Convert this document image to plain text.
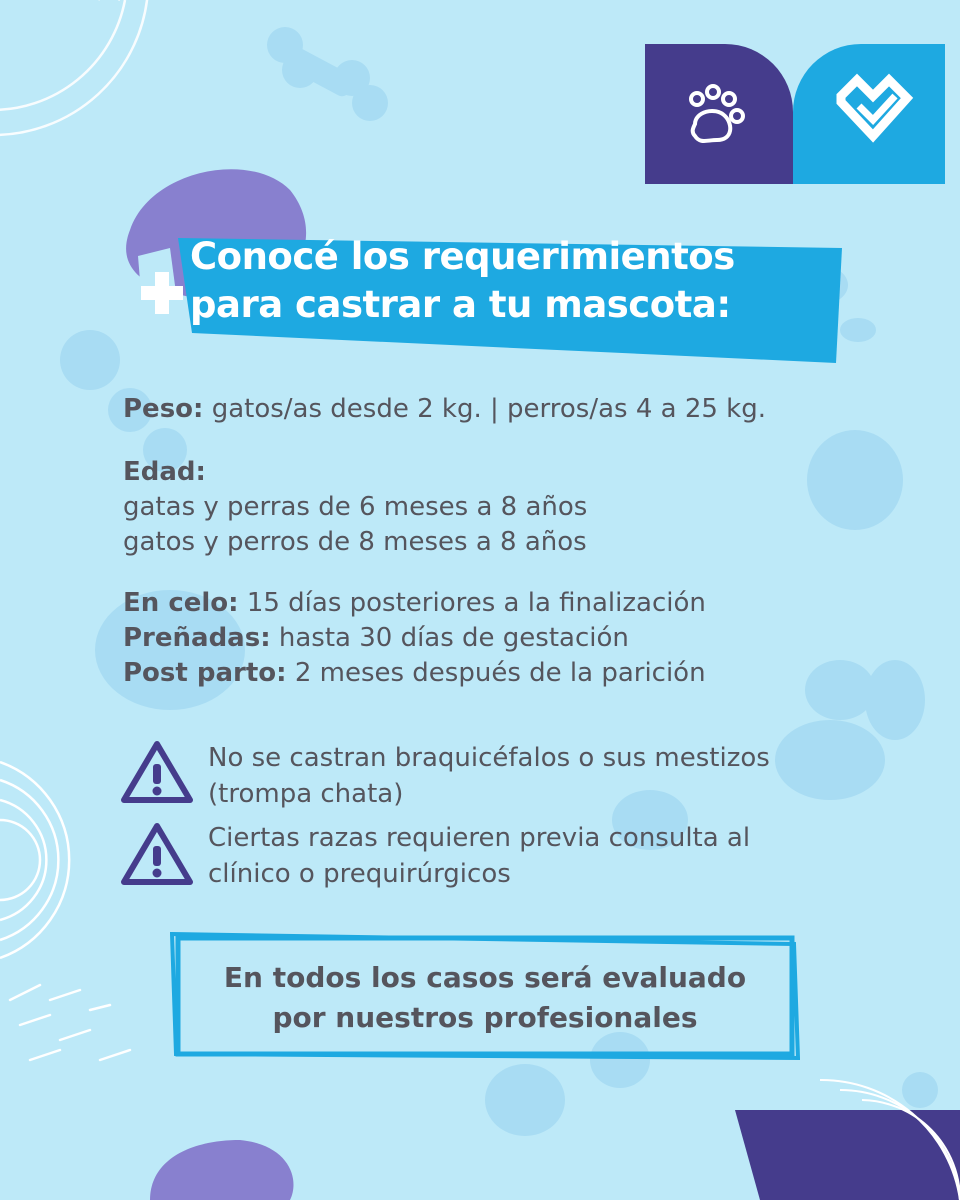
Conocé los requerimientos
para castrar a tu mascota:
Peso: gatos/as desde 2 kg. | perros/as 4 a 25 kg.
Edad:
gatas y perras de 6 meses a 8 años
gatos y perros de 8 meses a 8 años
En celo: 15 días posteriores a la finalización
Preñadas: hasta 30 días de gestación
Post parto: 2 meses después de la parición
No se castran braquicéfalos o sus mestizos
(trompa chata)
Ciertas razas requieren previa consulta al
clínico o prequirúrgicos
En todos los casos será evaluado
por nuestros profesionales
